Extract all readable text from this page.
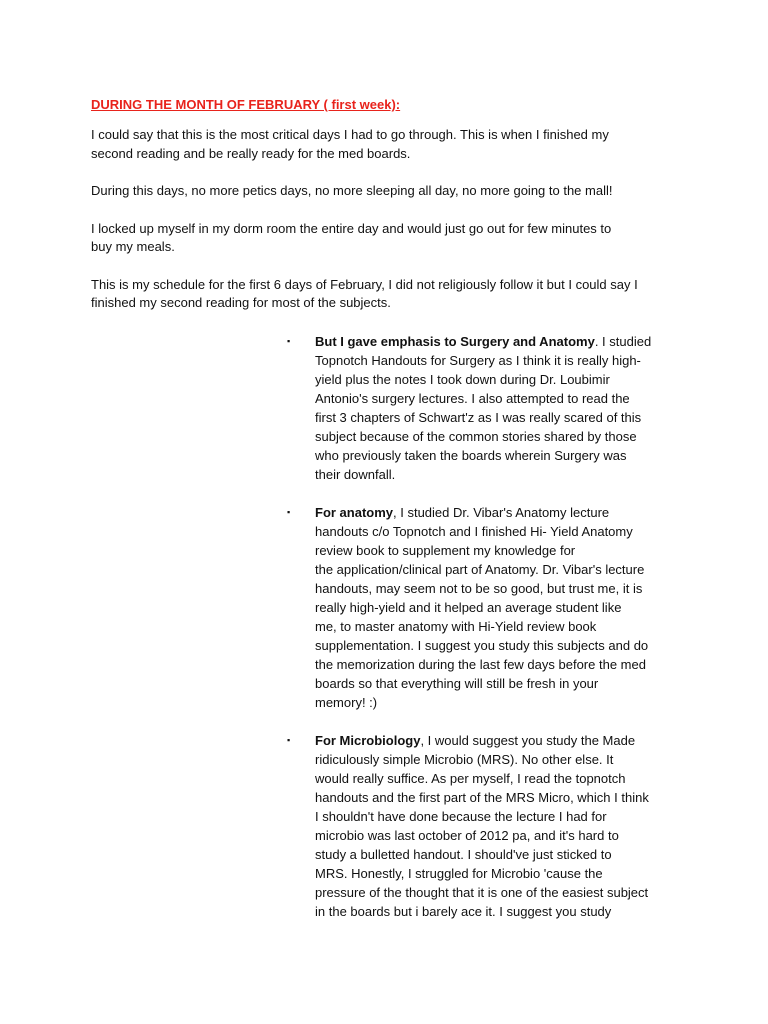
DURING THE MONTH OF FEBRUARY ( first week):

I could say that this is the most critical days I had to go through. This is when I finished my
second reading and be really ready for the med boards.

During this days, no more petics days, no more sleeping all day, no more going to the mall!

I locked up myself in my dorm room the entire day and would just go out for few minutes to
buy my meals.

This is my schedule for the first 6 days of February, I did not religiously follow it but I could say I
finished my second reading for most of the subjects.

▪ But I gave emphasis to Surgery and Anatomy. I studied
Topnotch Handouts for Surgery as I think it is really high-
yield plus the notes I took down during Dr. Loubimir
Antonio's surgery lectures. I also attempted to read the
first 3 chapters of Schwart'z as I was really scared of this
subject because of the common stories shared by those
who previously taken the boards wherein Surgery was
their downfall.
▪ For anatomy, I studied Dr. Vibar's Anatomy lecture
handouts c/o Topnotch and I finished Hi- Yield Anatomy
review book to supplement my knowledge for
the application/clinical part of Anatomy. Dr. Vibar's lecture
handouts, may seem not to be so good, but trust me, it is
really high-yield and it helped an average student like
me, to master anatomy with Hi-Yield review book
supplementation. I suggest you study this subjects and do
the memorization during the last few days before the med
boards so that everything will still be fresh in your
memory! :)
▪ For Microbiology, I would suggest you study the Made
ridiculously simple Microbio (MRS). No other else. It
would really suffice. As per myself, I read the topnotch
handouts and the first part of the MRS Micro, which I think
I shouldn't have done because the lecture I had for
microbio was last october of 2012 pa, and it's hard to
study a bulletted handout. I should've just sticked to
MRS. Honestly, I struggled for Microbio 'cause the
pressure of the thought that it is one of the easiest subject
in the boards but i barely ace it. I suggest you study
